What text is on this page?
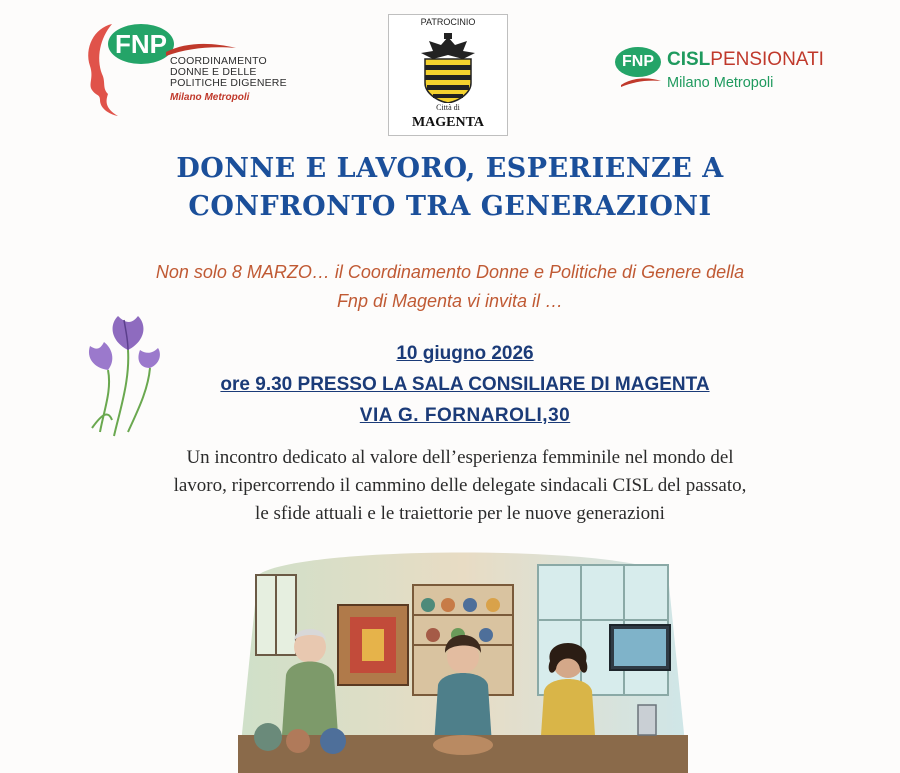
FNP
COORDINAMENTO
DONNE E DELLE
POLITICHE DIGENERE
Milano Metropoli
PATROCINIO
Città di
MAGENTA
FNP CISLPENSIONATI
Milano Metropoli
DONNE E LAVORO, ESPERIENZE A
CONFRONTO TRA GENERAZIONI
Non solo 8 MARZO… il Coordinamento Donne e Politiche di Genere della
Fnp di Magenta vi invita il …
10 giugno 2026
ore 9.30 PRESSO LA SALA CONSILIARE DI MAGENTA
VIA G. FORNAROLI,30
Un incontro dedicato al valore dell’esperienza femminile nel mondo del
lavoro, ripercorrendo il cammino delle delegate sindacali CISL del passato,
le sfide attuali e le traiettorie per le nuove generazioni
